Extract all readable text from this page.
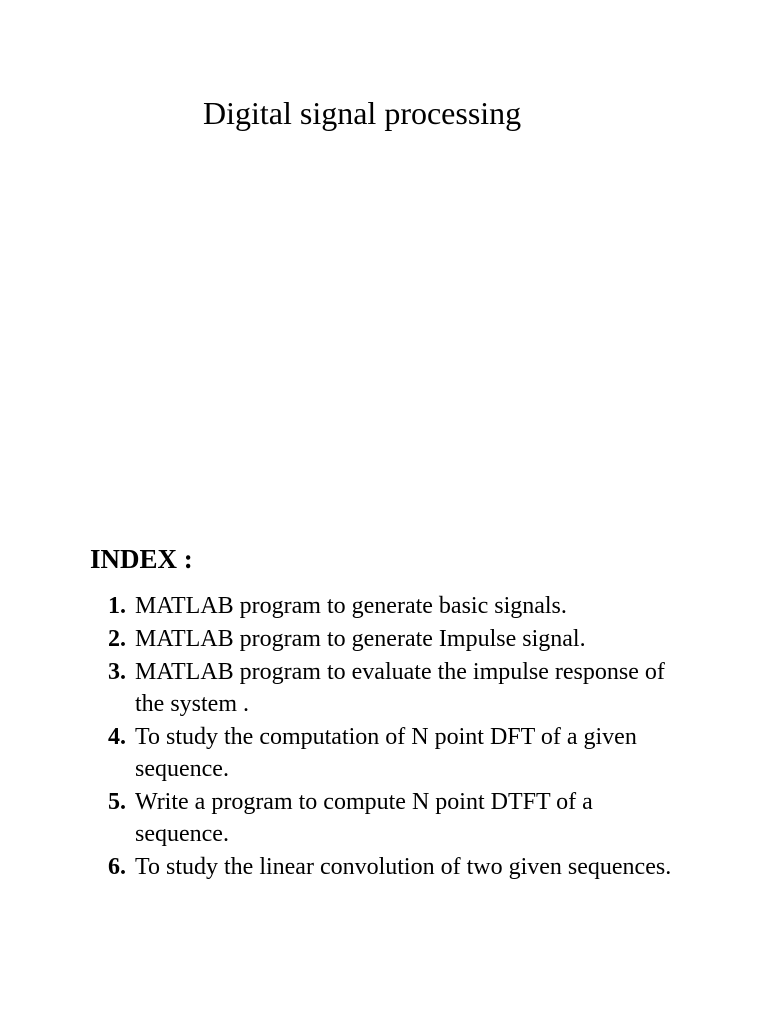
Digital signal processing
INDEX :
1. MATLAB program to generate basic signals.
2. MATLAB program to generate Impulse signal.
3. MATLAB program to evaluate the impulse response of the system .
4. To study the computation of N point DFT of a given sequence.
5. Write a program to compute N point DTFT of a sequence.
6. To study the linear convolution of two given sequences.
